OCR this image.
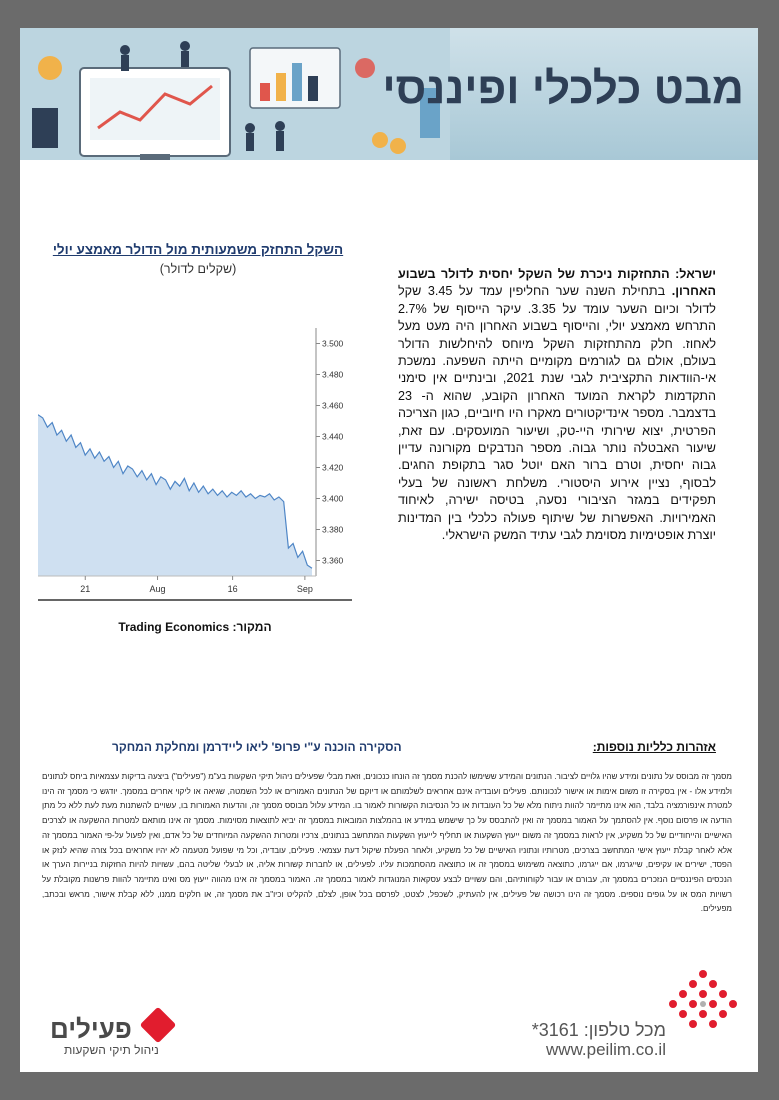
מבט כלכלי ופיננסי
השקל התחזק משמעותית מול הדולר מאמצע יולי
(שקלים לדולר)
3.500
3.480
3.460
3.440
3.420
3.400
3.380
3.360
21	Aug	16	Sep
המקור: Trading Economics
ישראל: התחזקות ניכרת של השקל יחסית לדולר בשבוע האחרון. בתחילת השנה שער החליפין עמד על 3.45 שקל לדולר וכיום השער עומד על 3.35. עיקר הייסוף של 2.7% התרחש מאמצע יולי, והייסוף בשבוע האחרון היה מעט מעל לאחוז. חלק מהתחזקות השקל מיוחס להיחלשות הדולר בעולם, אולם גם לגורמים מקומיים הייתה השפעה. נמשכת אי-הוודאות התקציבית לגבי שנת 2021, ובינתיים אין סימני התקדמות לקראת המועד האחרון הקובע, שהוא ה- 23 בדצמבר. מספר אינדיקטורים מאקרו היו חיוביים, כגון הצריכה הפרטית, יצוא שירותי היי-טק, ושיעור המועסקים. עם זאת, שיעור האבטלה נותר גבוה. מספר הנדבקים מקורונה עדיין גבוה יחסית, וטרם ברור האם יוטל סגר בתקופת החגים. לבסוף, נציין אירוע היסטורי. משלחת ראשונה של בעלי תפקידים במגזר הציבורי נסעה, בטיסה ישירה, לאיחוד האמירויות. האפשרות של שיתוף פעולה כלכלי בין המדינות יוצרת אופטימיות מסוימת לגבי עתיד המשק הישראלי.
אזהרות כלליות נוספות:
הסקירה הוכנה ע"י פרופ' ליאו ליידרמן ומחלקת המחקר
מסמך זה מבוסס על נתונים ומידע שהיו גלויים לציבור. הנתונים והמידע ששימשו להכנת מסמך זה הונחו כנכונים, וזאת מבלי שפעילים ניהול תיקי השקעות בע"מ ("פעילים") ביצעה בדיקות עצמאיות ביחס לנתונים ולמידע אלו - אין בסקירה זו משום אימות או אישור לנכונותם. פעילים ועובדיה אינם אחראים לשלמותם או דיוקם של הנתונים האמורים או לכל השמטה, שגיאה או ליקוי אחרים במסמך. יודגש כי מסמך זה הינו למטרת אינפורמציה בלבד, הוא אינו מתיימר להוות ניתוח מלא של כל העובדות או כל הנסיבות הקשורות לאמור בו. המידע עלול מבוסס מסמך זה, והדעות האמורות בו, עשויים להשתנות מעת לעת ללא כל מתן הודעה או פרסום נוסף. אין להסתמך על האמור במסמך זה ואין להתבסס על כך שישמש במידע או בהמלצות המובאות במסמך זה יביא לתוצאות מסוימות. מסמך זה אינו מותאם למטרות ההשקעה או לצרכים האישיים והייחודיים של כל משקיע, אין לראות במסמך זה משום ייעוץ השקעות או תחליף לייעוץ השקעות המתחשב בנתונים, צרכיו ומטרות ההשקעה המיוחדים של כל אדם, ואין לפעול על-פי האמור במסמך זה אלא לאחר קבלת ייעוץ אישי המתחשב בצרכים, מטרותיו ונתוניו האישיים של כל משקיע, ולאחר הפעלת שיקול דעת עצמאי. פעילים, עובדיה, וכל מי שפועל מטעמה לא יהיו אחראים בכל צורה שהיא לנזק או הפסד, ישירים או עקיפים, שייגרמו, אם ייגרמו, כתוצאה משימוש במסמך זה או כתוצאה מהסתמכות עליו. לפעילים, או לחברות קשורות אליה, או לבעלי שליטה בהם, עשויות להיות החזקות בניירות הערך או הנכסים הפיננסיים הנזכרים במסמך זה, עבורם או עבור לקוחותיהם, והם עשויים לבצע עסקאות המנוגדות לאמור במסמך זה. האמור במסמך זה אינו מהווה ייעוץ מס ואינו מתיימר להוות פרשנות מקובלת על רשויות המס או על גופים נוספים. מסמך זה הינו רכושה של פעילים, אין להעתיק, לשכפל, לצטט, לפרסם בכל אופן, לצלם, להקליט וכיו"ב את מסמך זה, או חלקים ממנו, ללא קבלת אישור, מראש ובכתב, מפעילים.
פעילים
ניהול תיקי השקעות
מכל טלפון: 3161*
www.peilim.co.il
